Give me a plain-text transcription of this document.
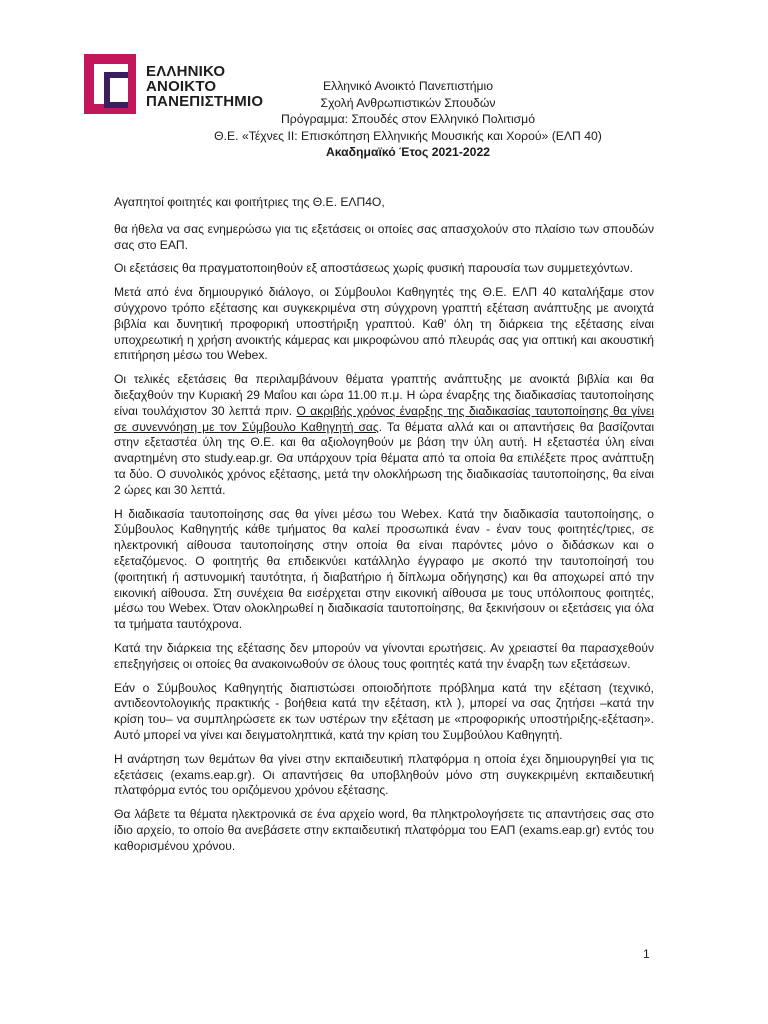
ΕΛΛΗΝΙΚΟ
ΑΝΟΙΚΤΟ
ΠΑΝΕΠΙΣΤΗΜΙΟ
Ελληνικό Ανοικτό Πανεπιστήμιο
Σχολή Ανθρωπιστικών Σπουδών
Πρόγραμμα: Σπουδές στον Ελληνικό Πολιτισμό
Θ.Ε. «Τέχνες ΙΙ: Επισκόπηση Ελληνικής Μουσικής και Χορού» (ΕΛΠ 40)
Ακαδημαϊκό Έτος 2021-2022

Αγαπητοί φοιτητές και φοιτήτριες της Θ.Ε. ΕΛΠ4Ο,

θα ήθελα να σας ενημερώσω για τις εξετάσεις οι οποίες σας απασχολούν στο πλαίσιο των σπουδών σας στο ΕΑΠ.

Οι εξετάσεις θα πραγματοποιηθούν εξ αποστάσεως χωρίς φυσική παρουσία των συμμετεχόντων.

Μετά από ένα δημιουργικό διάλογο, οι Σύμβουλοι Καθηγητές της Θ.Ε. ΕΛΠ 40 καταλήξαμε στον σύγχρονο τρόπο εξέτασης και συγκεκριμένα στη σύγχρονη γραπτή εξέταση ανάπτυξης με ανοιχτά βιβλία και δυνητική προφορική υποστήριξη γραπτού. Καθ' όλη τη διάρκεια της εξέτασης είναι υποχρεωτική η χρήση ανοικτής κάμερας και μικροφώνου από πλευράς σας για οπτική και ακουστική επιτήρηση μέσω του Webex.

Οι τελικές εξετάσεις θα περιλαμβάνουν θέματα γραπτής ανάπτυξης με ανοικτά βιβλία και θα διεξαχθούν την Κυριακή 29 Μαΐου και ώρα 11.00 π.μ. Η ώρα έναρξης της διαδικασίας ταυτοποίησης είναι τουλάχιστον 30 λεπτά πριν. Ο ακριβής χρόνος έναρξης της διαδικασίας ταυτοποίησης θα γίνει σε συνεννόηση με τον Σύμβουλο Καθηγητή σας. Τα θέματα αλλά και οι απαντήσεις θα βασίζονται στην εξεταστέα ύλη της Θ.Ε. και θα αξιολογηθούν με βάση την ύλη αυτή. Η εξεταστέα ύλη είναι αναρτημένη στο study.eap.gr. Θα υπάρχουν τρία θέματα από τα οποία θα επιλέξετε προς ανάπτυξη τα δύο. Ο συνολικός χρόνος εξέτασης, μετά την ολοκλήρωση της διαδικασίας ταυτοποίησης, θα είναι 2 ώρες και 30 λεπτά.

Η διαδικασία ταυτοποίησης σας θα γίνει μέσω του Webex. Κατά την διαδικασία ταυτοποίησης, ο Σύμβουλος Καθηγητής κάθε τμήματος θα καλεί προσωπικά έναν - έναν τους φοιτητές/τριες, σε ηλεκτρονική αίθουσα ταυτοποίησης στην οποία θα είναι παρόντες μόνο ο διδάσκων και ο εξεταζόμενος. Ο φοιτητής θα επιδεικνύει κατάλληλο έγγραφο με σκοπό την ταυτοποίησή του (φοιτητική ή αστυνομική ταυτότητα, ή διαβατήριο ή δίπλωμα οδήγησης) και θα αποχωρεί από την εικονική αίθουσα. Στη συνέχεια θα εισέρχεται στην εικονική αίθουσα με τους υπόλοιπους φοιτητές, μέσω του Webex. Όταν ολοκληρωθεί η διαδικασία ταυτοποίησης, θα ξεκινήσουν οι εξετάσεις για όλα τα τμήματα ταυτόχρονα.

Κατά την διάρκεια της εξέτασης δεν μπορούν να γίνονται ερωτήσεις. Αν χρειαστεί θα παρασχεθούν επεξηγήσεις οι οποίες θα ανακοινωθούν σε όλους τους φοιτητές κατά την έναρξη των εξετάσεων.

Εάν ο Σύμβουλος Καθηγητής διαπιστώσει οποιοδήποτε πρόβλημα κατά την εξέταση (τεχνικό, αντιδεοντολογικής πρακτικής - βοήθεια κατά την εξέταση, κτλ ), μπορεί να σας ζητήσει –κατά την κρίση του– να συμπληρώσετε εκ των υστέρων την εξέταση με «προφορικής υποστήριξης-εξέταση». Αυτό μπορεί να γίνει και δειγματοληπτικά, κατά την κρίση του Συμβούλου Καθηγητή.

Η ανάρτηση των θεμάτων θα γίνει στην εκπαιδευτική πλατφόρμα η οποία έχει δημιουργηθεί για τις εξετάσεις (exams.eap.gr). Οι απαντήσεις θα υποβληθούν μόνο στη συγκεκριμένη εκπαιδευτική πλατφόρμα εντός του οριζόμενου χρόνου εξέτασης.

Θα λάβετε τα θέματα ηλεκτρονικά σε ένα αρχείο word, θα πληκτρολογήσετε τις απαντήσεις σας στο ίδιο αρχείο, το οποίο θα ανεβάσετε στην εκπαιδευτική πλατφόρμα του ΕΑΠ (exams.eap.gr) εντός του καθορισμένου χρόνου.

1
